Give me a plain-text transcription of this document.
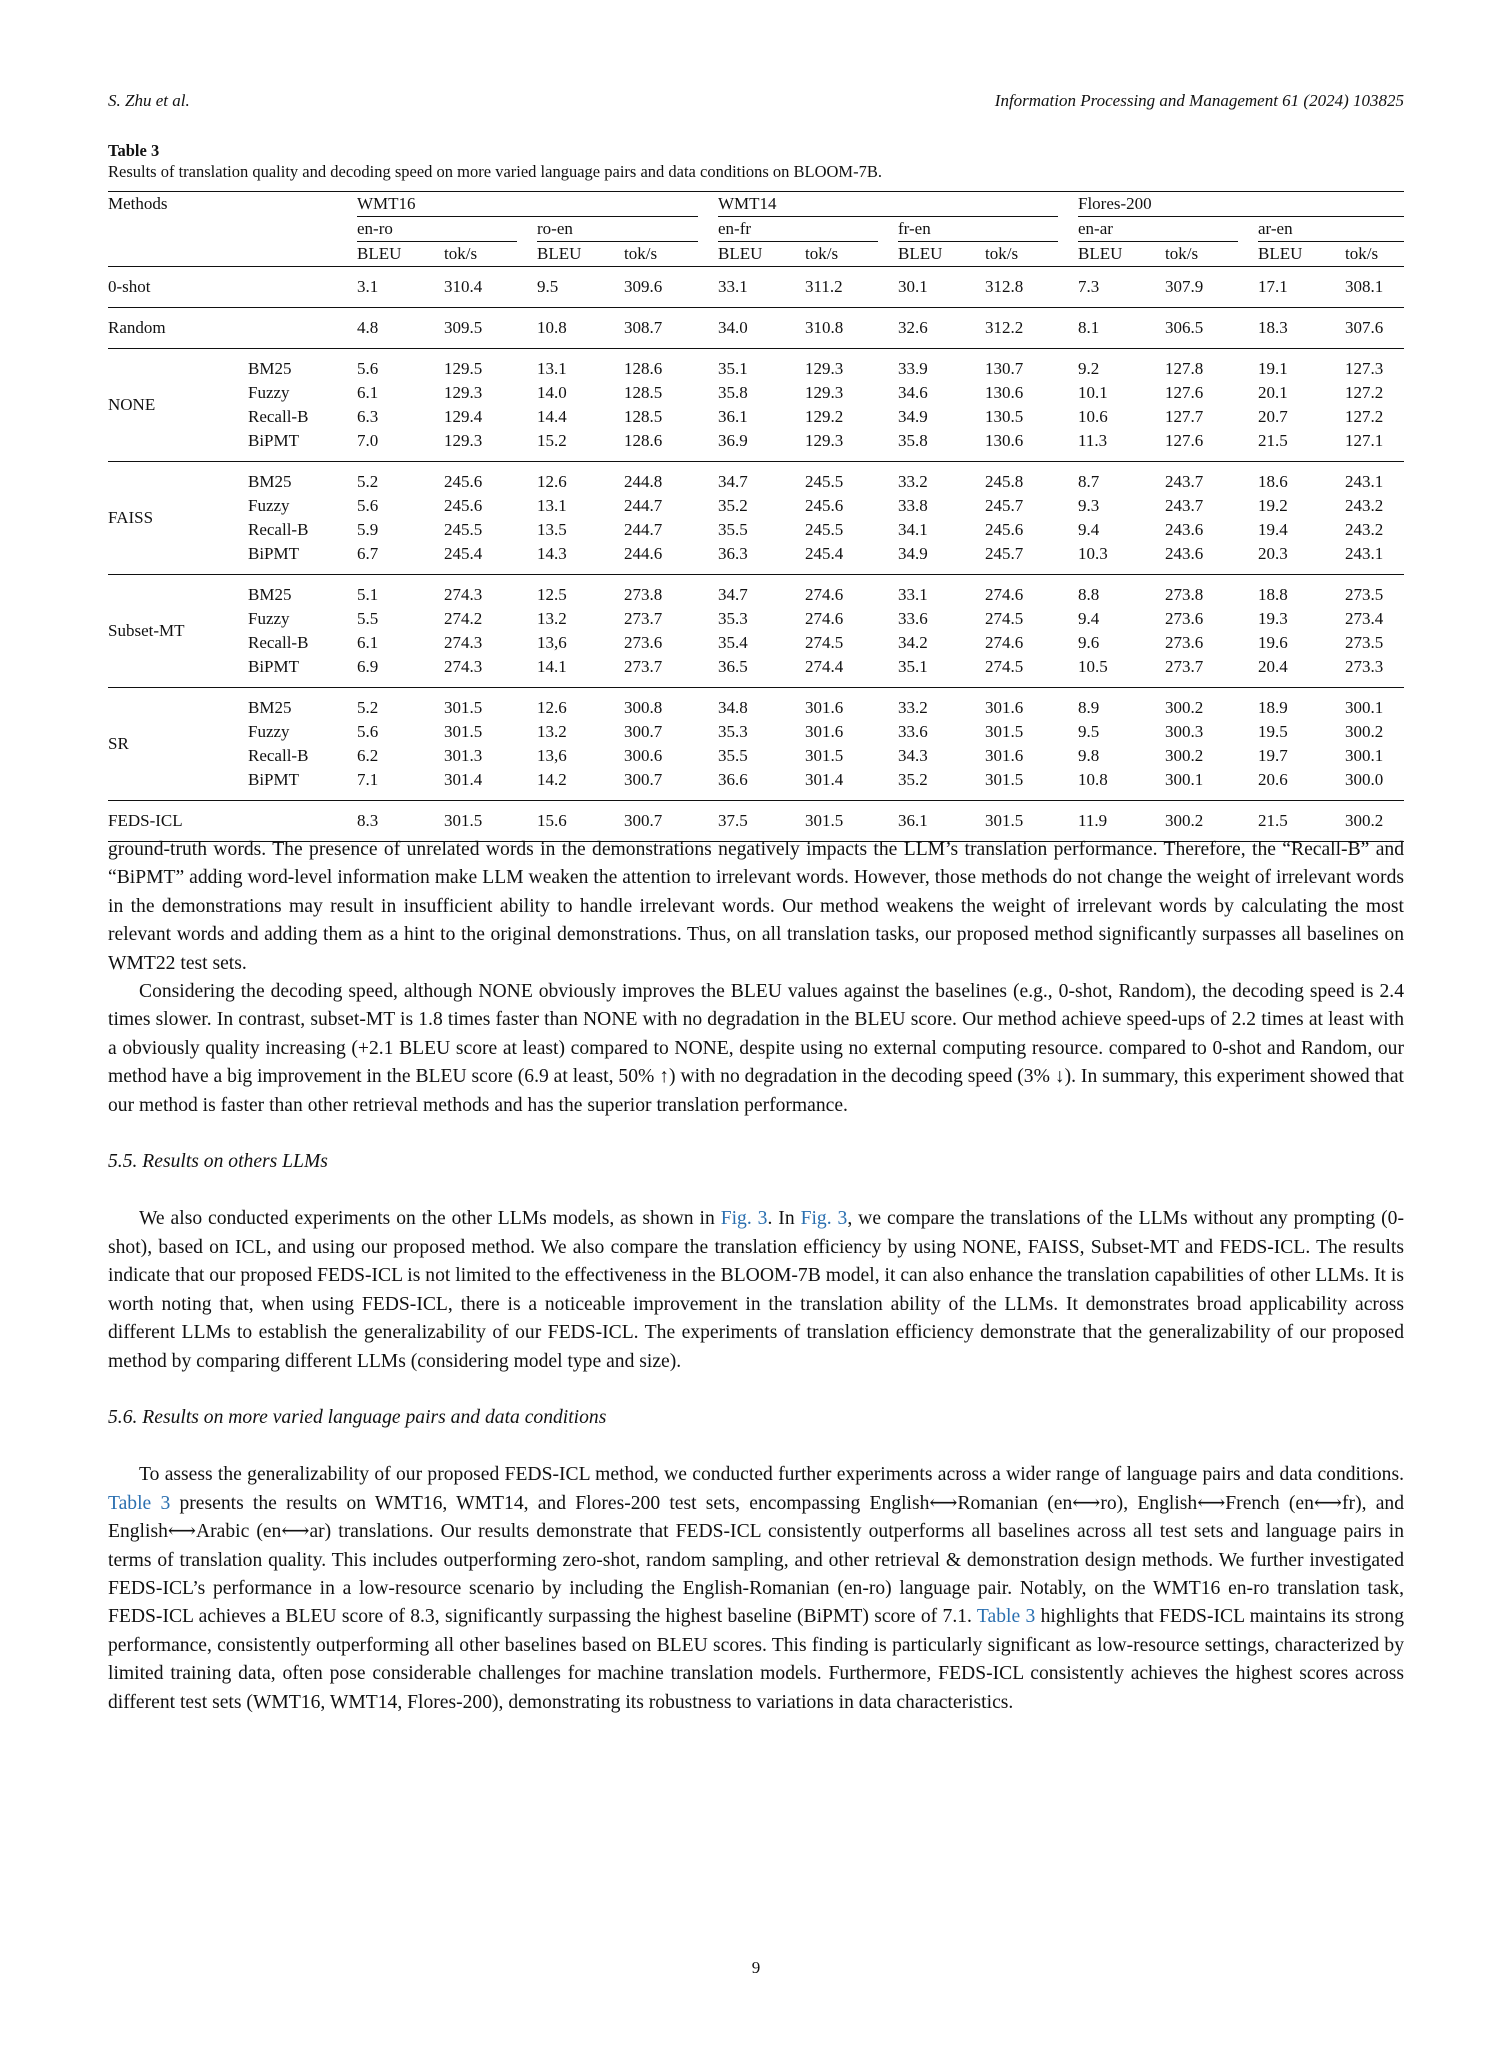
S. Zhu et al.	Information Processing and Management 61 (2024) 103825
Table 3
Results of translation quality and decoding speed on more varied language pairs and data conditions on BLOOM-7B.
Methods		WMT16				WMT14				Flores-200			

		en-ro		ro-en		en-fr		fr-en		en-ar		ar-en	

		BLEU	tok/s	BLEU	tok/s	BLEU	tok/s	BLEU	tok/s	BLEU	tok/s	BLEU	tok/s

0-shot		3.1	310.4	9.5	309.6	33.1	311.2	30.1	312.8	7.3	307.9	17.1	308.1

Random		4.8	309.5	10.8	308.7	34.0	310.8	32.6	312.2	8.1	306.5	18.3	307.6

NONE	BM25	5.6	129.5	13.1	128.6	35.1	129.3	33.9	130.7	9.2	127.8	19.1	127.3
	Fuzzy	6.1	129.3	14.0	128.5	35.8	129.3	34.6	130.6	10.1	127.6	20.1	127.2
	Recall-B	6.3	129.4	14.4	128.5	36.1	129.2	34.9	130.5	10.6	127.7	20.7	127.2
	BiPMT	7.0	129.3	15.2	128.6	36.9	129.3	35.8	130.6	11.3	127.6	21.5	127.1

FAISS	BM25	5.2	245.6	12.6	244.8	34.7	245.5	33.2	245.8	8.7	243.7	18.6	243.1
	Fuzzy	5.6	245.6	13.1	244.7	35.2	245.6	33.8	245.7	9.3	243.7	19.2	243.2
	Recall-B	5.9	245.5	13.5	244.7	35.5	245.5	34.1	245.6	9.4	243.6	19.4	243.2
	BiPMT	6.7	245.4	14.3	244.6	36.3	245.4	34.9	245.7	10.3	243.6	20.3	243.1

Subset-MT	BM25	5.1	274.3	12.5	273.8	34.7	274.6	33.1	274.6	8.8	273.8	18.8	273.5
	Fuzzy	5.5	274.2	13.2	273.7	35.3	274.6	33.6	274.5	9.4	273.6	19.3	273.4
	Recall-B	6.1	274.3	13,6	273.6	35.4	274.5	34.2	274.6	9.6	273.6	19.6	273.5
	BiPMT	6.9	274.3	14.1	273.7	36.5	274.4	35.1	274.5	10.5	273.7	20.4	273.3

SR	BM25	5.2	301.5	12.6	300.8	34.8	301.6	33.2	301.6	8.9	300.2	18.9	300.1
	Fuzzy	5.6	301.5	13.2	300.7	35.3	301.6	33.6	301.5	9.5	300.3	19.5	300.2
	Recall-B	6.2	301.3	13,6	300.6	35.5	301.5	34.3	301.6	9.8	300.2	19.7	300.1
	BiPMT	7.1	301.4	14.2	300.7	36.6	301.4	35.2	301.5	10.8	300.1	20.6	300.0

FEDS-ICL		8.3	301.5	15.6	300.7	37.5	301.5	36.1	301.5	11.9	300.2	21.5	300.2

ground-truth words. The presence of unrelated words in the demonstrations negatively impacts the LLM’s translation performance. Therefore, the “Recall-B” and “BiPMT” adding word-level information make LLM weaken the attention to irrelevant words. However, those methods do not change the weight of irrelevant words in the demonstrations may result in insufficient ability to handle irrelevant words. Our method weakens the weight of irrelevant words by calculating the most relevant words and adding them as a hint to the original demonstrations. Thus, on all translation tasks, our proposed method significantly surpasses all baselines on WMT22 test sets.

Considering the decoding speed, although NONE obviously improves the BLEU values against the baselines (e.g., 0-shot, Random), the decoding speed is 2.4 times slower. In contrast, subset-MT is 1.8 times faster than NONE with no degradation in the BLEU score. Our method achieve speed-ups of 2.2 times at least with a obviously quality increasing (+2.1 BLEU score at least) compared to NONE, despite using no external computing resource. compared to 0-shot and Random, our method have a big improvement in the BLEU score (6.9 at least, 50% ↑) with no degradation in the decoding speed (3% ↓). In summary, this experiment showed that our method is faster than other retrieval methods and has the superior translation performance.

5.5. Results on others LLMs

We also conducted experiments on the other LLMs models, as shown in Fig. 3. In Fig. 3, we compare the translations of the LLMs without any prompting (0-shot), based on ICL, and using our proposed method. We also compare the translation efficiency by using NONE, FAISS, Subset-MT and FEDS-ICL. The results indicate that our proposed FEDS-ICL is not limited to the effectiveness in the BLOOM-7B model, it can also enhance the translation capabilities of other LLMs. It is worth noting that, when using FEDS-ICL, there is a noticeable improvement in the translation ability of the LLMs. It demonstrates broad applicability across different LLMs to establish the generalizability of our FEDS-ICL. The experiments of translation efficiency demonstrate that the generalizability of our proposed method by comparing different LLMs (considering model type and size).

5.6. Results on more varied language pairs and data conditions

To assess the generalizability of our proposed FEDS-ICL method, we conducted further experiments across a wider range of language pairs and data conditions. Table 3 presents the results on WMT16, WMT14, and Flores-200 test sets, encompassing English⟷Romanian (en⟷ro), English⟷French (en⟷fr), and English⟷Arabic (en⟷ar) translations. Our results demonstrate that FEDS-ICL consistently outperforms all baselines across all test sets and language pairs in terms of translation quality. This includes outperforming zero-shot, random sampling, and other retrieval & demonstration design methods. We further investigated FEDS-ICL’s performance in a low-resource scenario by including the English-Romanian (en-ro) language pair. Notably, on the WMT16 en-ro translation task, FEDS-ICL achieves a BLEU score of 8.3, significantly surpassing the highest baseline (BiPMT) score of 7.1. Table 3 highlights that FEDS-ICL maintains its strong performance, consistently outperforming all other baselines based on BLEU scores. This finding is particularly significant as low-resource settings, characterized by limited training data, often pose considerable challenges for machine translation models. Furthermore, FEDS-ICL consistently achieves the highest scores across different test sets (WMT16, WMT14, Flores-200), demonstrating its robustness to variations in data characteristics.

9
